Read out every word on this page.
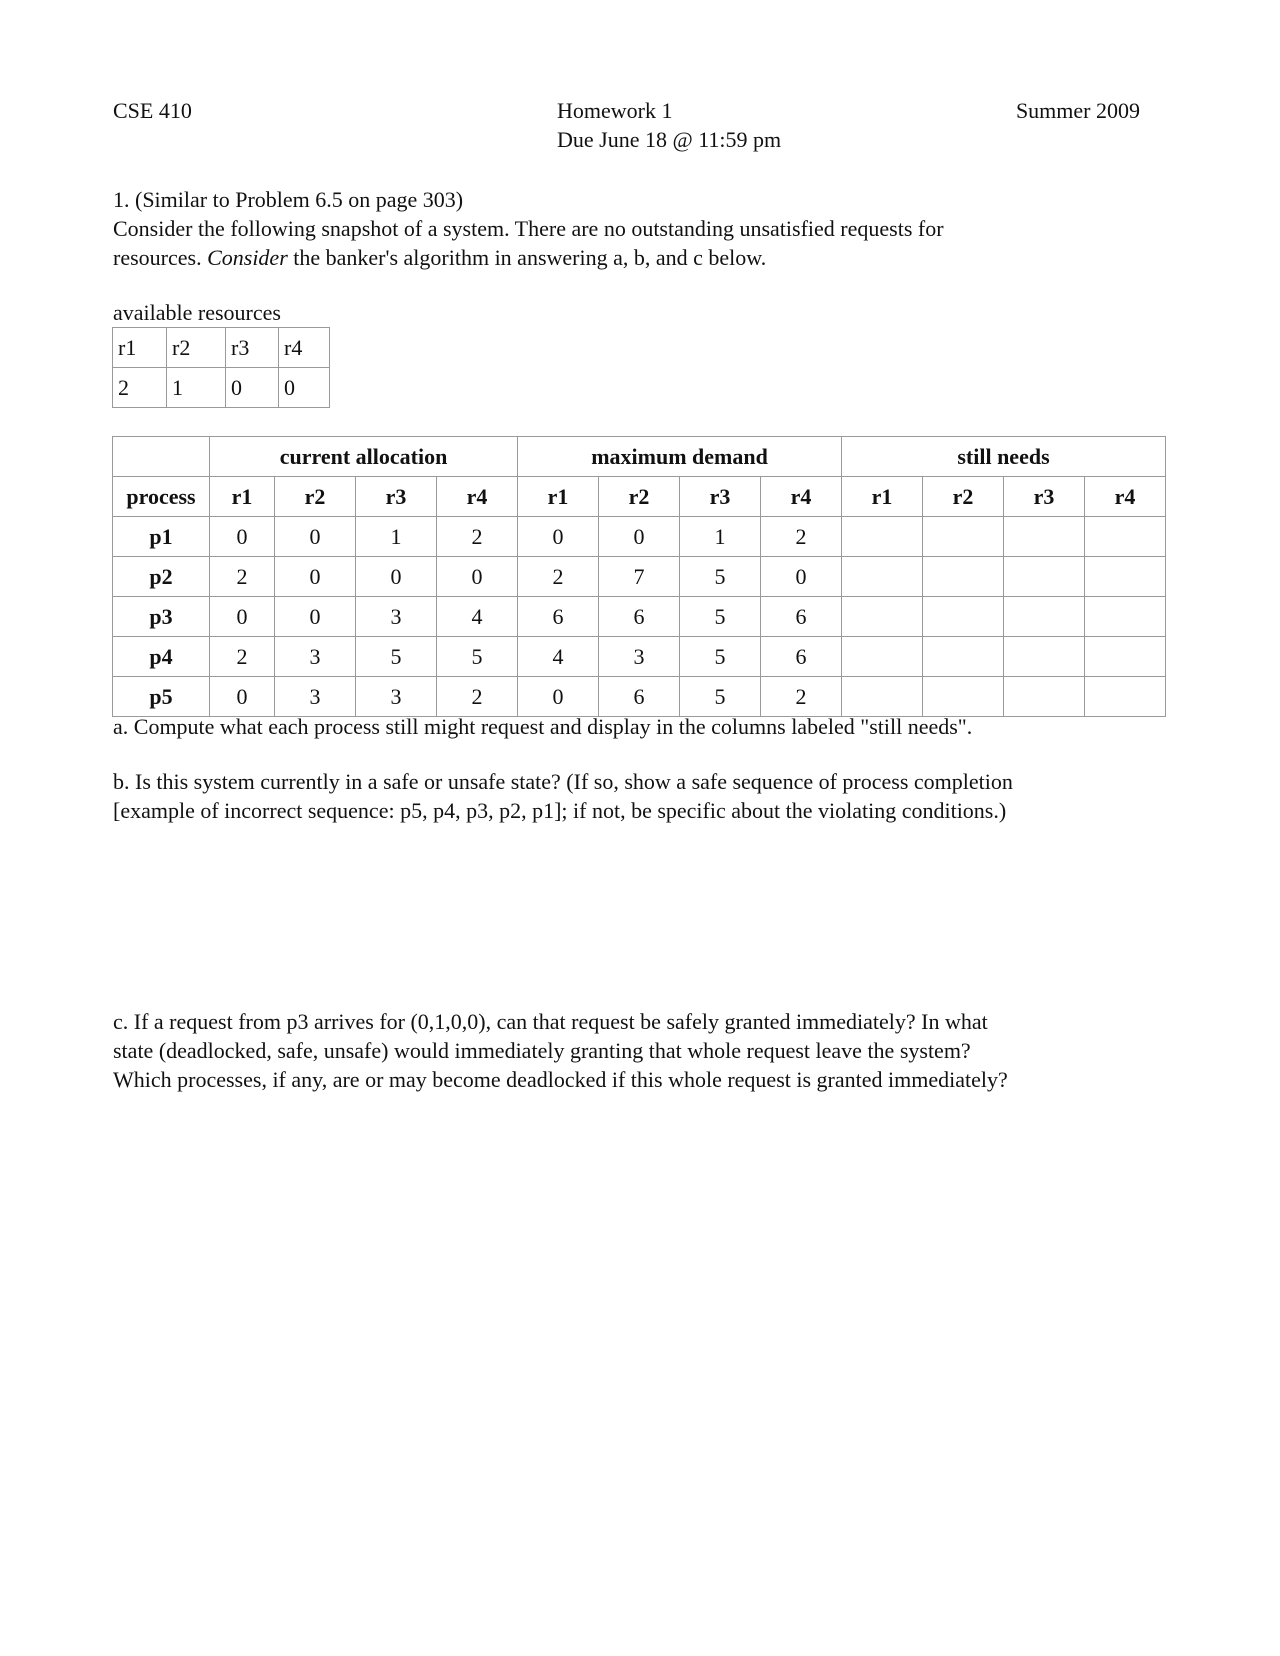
CSE 410	Homework 1
Due June 18 @ 11:59 pm
Summer 2009

1. (Similar to Problem 6.5 on page 303)

Consider the following snapshot of a system. There are no outstanding unsatisfied requests for

resources. Consider the banker's algorithm in answering a, b, and c below.

available resources
r1	r2	r3	r4
2	1	0	0
	current allocation				maximum demand				still needs			
process	r1	r2	r3	r4	r1	r2	r3	r4	r1	r2	r3	r4
p1	0	0	1	2	0	0	1	2				
p2	2	0	0	0	2	7	5	0				
p3	0	0	3	4	6	6	5	6				
p4	2	3	5	5	4	3	5	6				
p5	0	3	3	2	0	6	5	2				
a. Compute what each process still might request and display in the columns labeled "still needs".

b. Is this system currently in a safe or unsafe state? (If so, show a safe sequence of process completion

[example of incorrect sequence: p5, p4, p3, p2, p1]; if not, be specific about the violating conditions.)

c. If a request from p3 arrives for (0,1,0,0), can that request be safely granted immediately? In what

state (deadlocked, safe, unsafe) would immediately granting that whole request leave the system?

Which processes, if any, are or may become deadlocked if this whole request is granted immediately?
